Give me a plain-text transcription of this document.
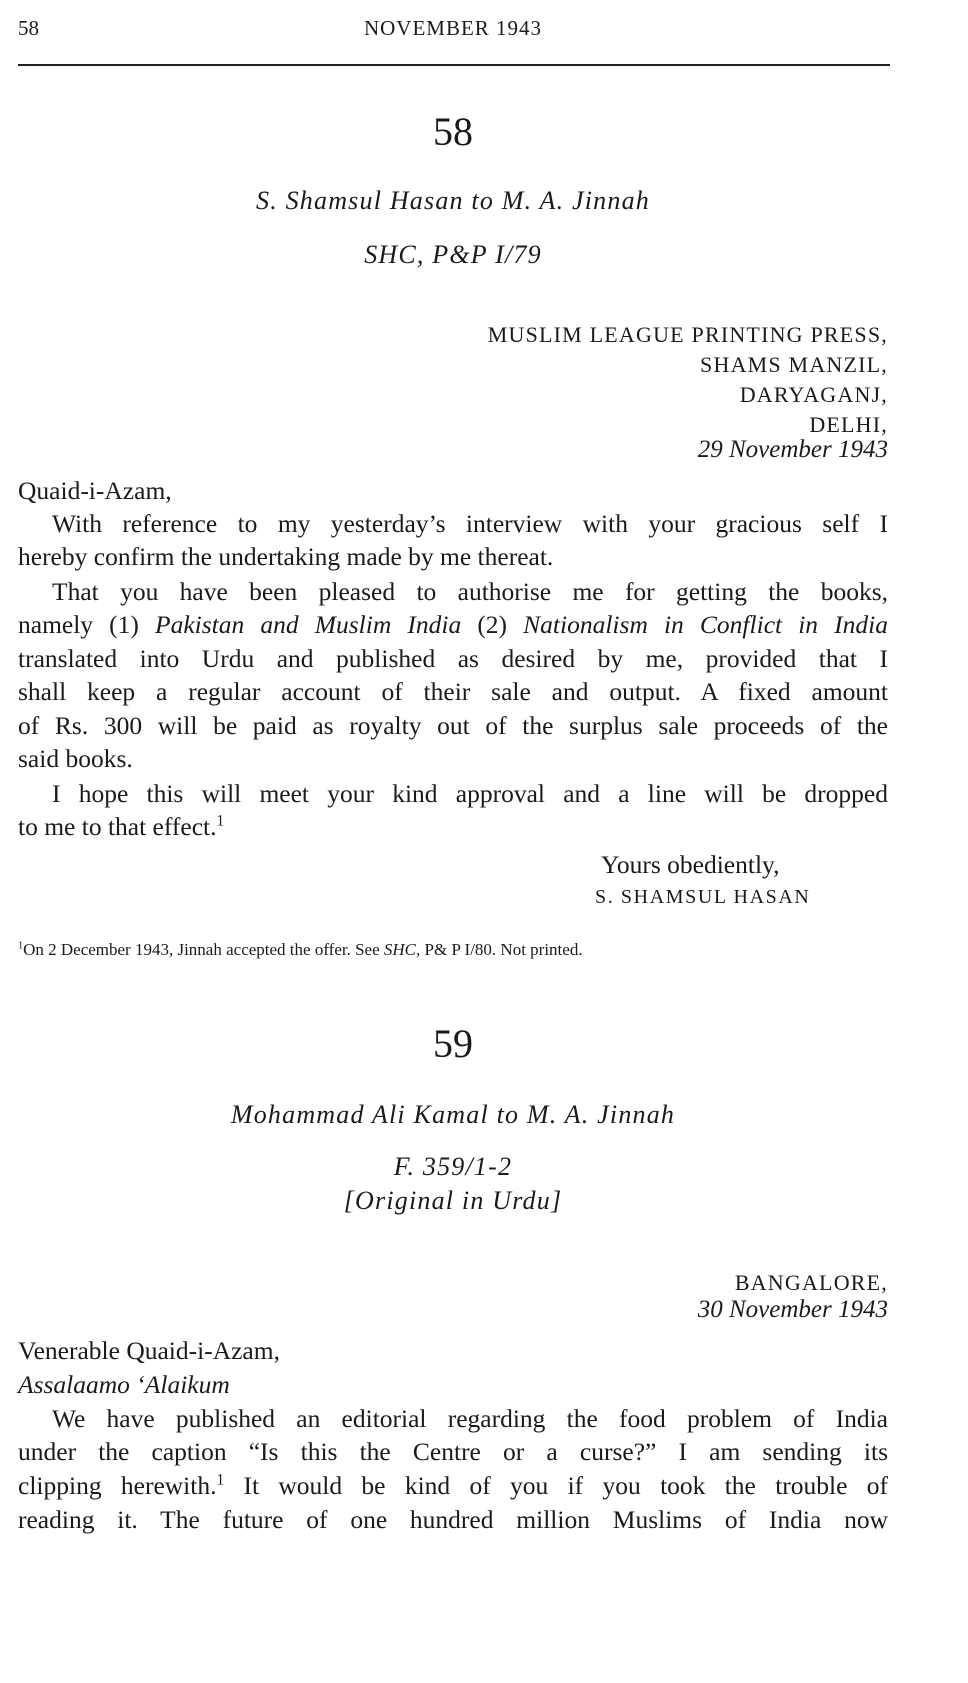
58	NOVEMBER 1943
58
S. Shamsul Hasan to M. A. Jinnah
SHC, P&P I/79
MUSLIM LEAGUE PRINTING PRESS,
SHAMS MANZIL,
DARYAGANJ,
DELHI,
29 November 1943
Quaid-i-Azam,
With reference to my yesterday’s interview with your gracious self I
hereby confirm the undertaking made by me thereat.
That you have been pleased to authorise me for getting the books,
namely (1) Pakistan and Muslim India (2) Nationalism in Conflict in India
translated into Urdu and published as desired by me, provided that I
shall keep a regular account of their sale and output. A fixed amount
of Rs. 300 will be paid as royalty out of the surplus sale proceeds of the
said books.
I hope this will meet your kind approval and a line will be dropped
to me to that effect.$^1$
Yours obediently,
S. SHAMSUL HASAN
$^1$On 2 December 1943, Jinnah accepted the offer. See SHC, P& P I/80. Not printed.
59
Mohammad Ali Kamal to M. A. Jinnah
F. 359/1-2
[Original in Urdu]
BANGALORE,
30 November 1943
Venerable Quaid-i-Azam,
Assalaamo ‘Alaikum
We have published an editorial regarding the food problem of India
under the caption “Is this the Centre or a curse?” I am sending its
clipping herewith.$^1$ It would be kind of you if you took the trouble of
reading it. The future of one hundred million Muslims of India now
